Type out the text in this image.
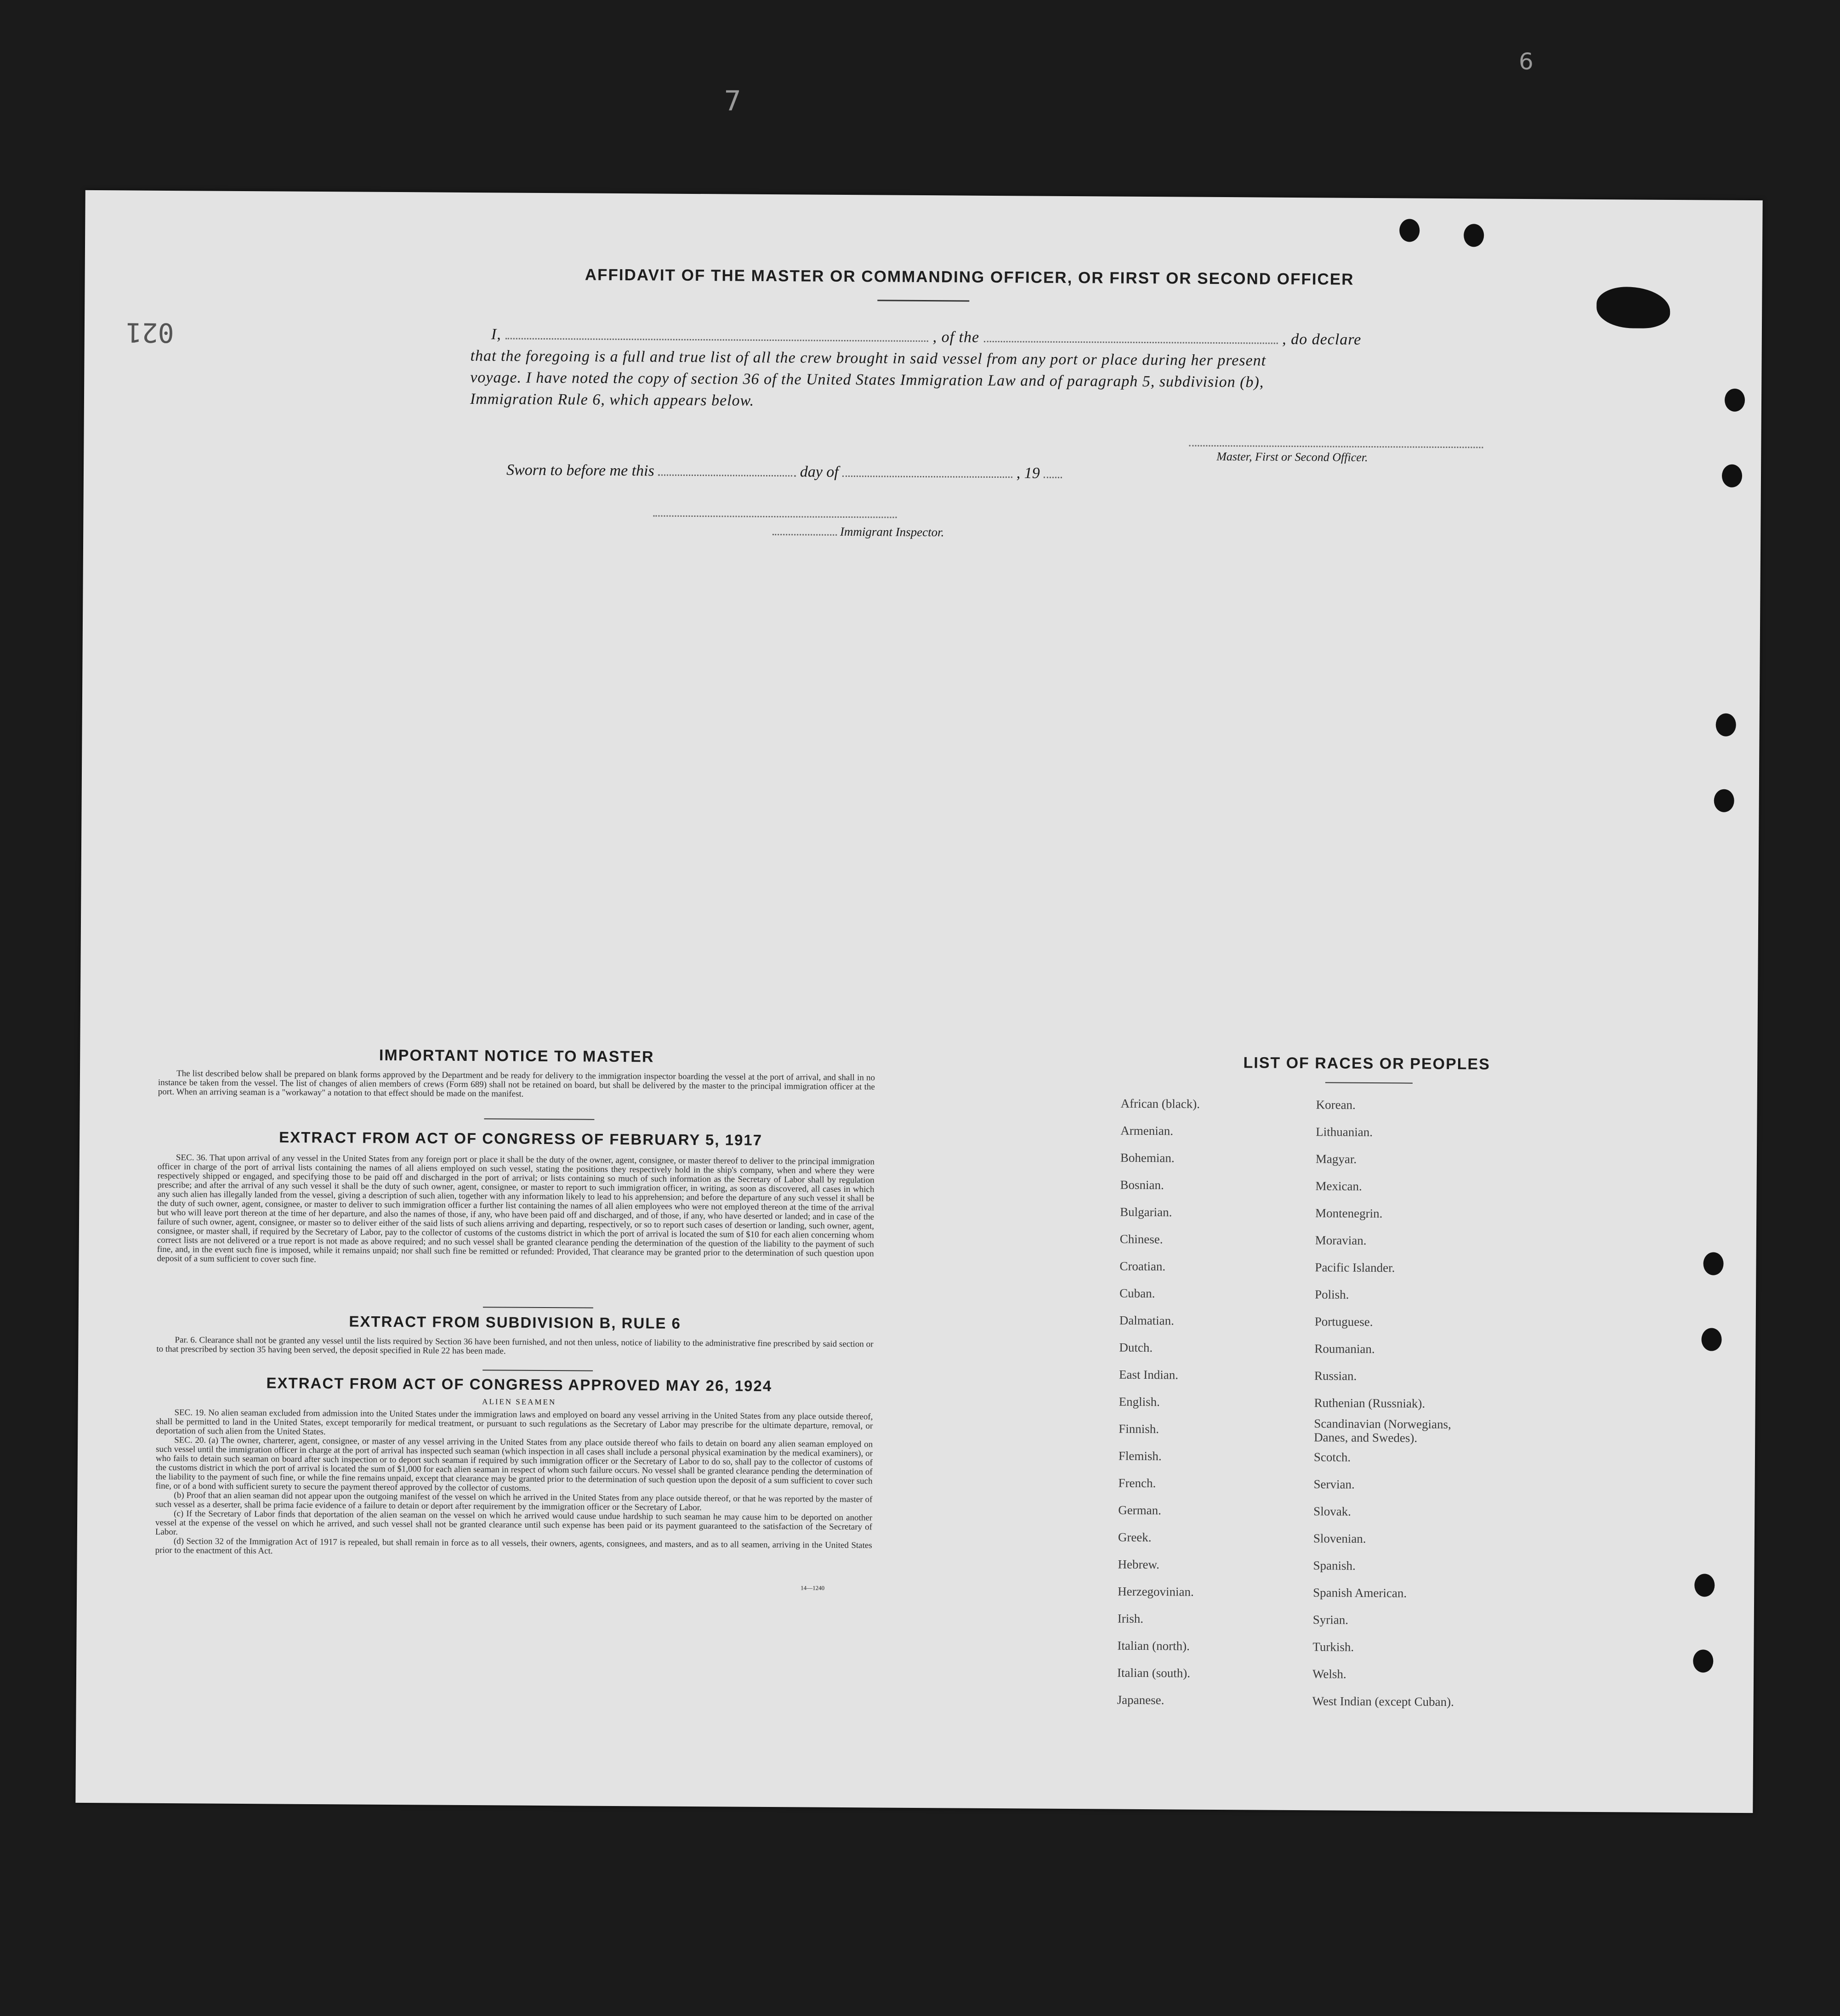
7
6
021
AFFIDAVIT OF THE MASTER OR COMMANDING OFFICER, OR FIRST OR SECOND OFFICER
I,	, of the	, do declare
that the foregoing is a full and true list of all the crew brought in said vessel from any port or place during her present
voyage. I have noted the copy of section 36 of the United States Immigration Law and of paragraph 5, subdivision (b),
Immigration Rule 6, which appears below.
Master, First or Second Officer.
Sworn to before me this	day of	, 19
Immigrant Inspector.
IMPORTANT NOTICE TO MASTER

The list described below shall be prepared on blank forms approved by the Department and be ready for delivery to the immigration inspector boarding the vessel at the port of arrival, and shall in no instance be taken from the vessel. The list of changes of alien members of crews (Form 689) shall not be retained on board, but shall be delivered by the master to the principal immigration officer at the port. When an arriving seaman is a "workaway" a notation to that effect should be made on the manifest.

EXTRACT FROM ACT OF CONGRESS OF FEBRUARY 5, 1917

SEC. 36. That upon arrival of any vessel in the United States from any foreign port or place it shall be the duty of the owner, agent, consignee, or master thereof to deliver to the principal immigration officer in charge of the port of arrival lists containing the names of all aliens employed on such vessel, stating the positions they respectively hold in the ship's company, when and where they were respectively shipped or engaged, and specifying those to be paid off and discharged in the port of arrival; or lists containing so much of such information as the Secretary of Labor shall by regulation prescribe; and after the arrival of any such vessel it shall be the duty of such owner, agent, consignee, or master to report to such immigration officer, in writing, as soon as discovered, all cases in which any such alien has illegally landed from the vessel, giving a description of such alien, together with any information likely to lead to his apprehension; and before the departure of any such vessel it shall be the duty of such owner, agent, consignee, or master to deliver to such immigration officer a further list containing the names of all alien employees who were not employed thereon at the time of the arrival but who will leave port thereon at the time of her departure, and also the names of those, if any, who have been paid off and discharged, and of those, if any, who have deserted or landed; and in case of the failure of such owner, agent, consignee, or master so to deliver either of the said lists of such aliens arriving and departing, respectively, or so to report such cases of desertion or landing, such owner, agent, consignee, or master shall, if required by the Secretary of Labor, pay to the collector of customs of the customs district in which the port of arrival is located the sum of $10 for each alien concerning whom correct lists are not delivered or a true report is not made as above required; and no such vessel shall be granted clearance pending the determination of the question of the liability to the payment of such fine, and, in the event such fine is imposed, while it remains unpaid; nor shall such fine be remitted or refunded: Provided, That clearance may be granted prior to the determination of such question upon deposit of a sum sufficient to cover such fine.

EXTRACT FROM SUBDIVISION B, RULE 6

Par. 6. Clearance shall not be granted any vessel until the lists required by Section 36 have been furnished, and not then unless, notice of liability to the administrative fine prescribed by said section or to that prescribed by section 35 having been served, the deposit specified in Rule 22 has been made.

EXTRACT FROM ACT OF CONGRESS APPROVED MAY 26, 1924
ALIEN SEAMEN

SEC. 19. No alien seaman excluded from admission into the United States under the immigration laws and employed on board any vessel arriving in the United States from any place outside thereof, shall be permitted to land in the United States, except temporarily for medical treatment, or pursuant to such regulations as the Secretary of Labor may prescribe for the ultimate departure, removal, or deportation of such alien from the United States.

SEC. 20. (a) The owner, charterer, agent, consignee, or master of any vessel arriving in the United States from any place outside thereof who fails to detain on board any alien seaman employed on such vessel until the immigration officer in charge at the port of arrival has inspected such seaman (which inspection in all cases shall include a personal physical examination by the medical examiners), or who fails to detain such seaman on board after such inspection or to deport such seaman if required by such immigration officer or the Secretary of Labor to do so, shall pay to the collector of customs of the customs district in which the port of arrival is located the sum of $1,000 for each alien seaman in respect of whom such failure occurs. No vessel shall be granted clearance pending the determination of the liability to the payment of such fine, or while the fine remains unpaid, except that clearance may be granted prior to the determination of such question upon the deposit of a sum sufficient to cover such fine, or of a bond with sufficient surety to secure the payment thereof approved by the collector of customs.

(b) Proof that an alien seaman did not appear upon the outgoing manifest of the vessel on which he arrived in the United States from any place outside thereof, or that he was reported by the master of such vessel as a deserter, shall be prima facie evidence of a failure to detain or deport after requirement by the immigration officer or the Secretary of Labor.

(c) If the Secretary of Labor finds that deportation of the alien seaman on the vessel on which he arrived would cause undue hardship to such seaman he may cause him to be deported on another vessel at the expense of the vessel on which he arrived, and such vessel shall not be granted clearance until such expense has been paid or its payment guaranteed to the satisfaction of the Secretary of Labor.

(d) Section 32 of the Immigration Act of 1917 is repealed, but shall remain in force as to all vessels, their owners, agents, consignees, and masters, and as to all seamen, arriving in the United States prior to the enactment of this Act.

14—1240
LIST OF RACES OR PEOPLES
African (black).
Armenian.
Bohemian.
Bosnian.
Bulgarian.
Chinese.
Croatian.
Cuban.
Dalmatian.
Dutch.
East Indian.
English.
Finnish.
Flemish.
French.
German.
Greek.
Hebrew.
Herzegovinian.
Irish.
Italian (north).
Italian (south).
Japanese.
Korean.
Lithuanian.
Magyar.
Mexican.
Montenegrin.
Moravian.
Pacific Islander.
Polish.
Portuguese.
Roumanian.
Russian.
Ruthenian (Russniak).
Scandinavian (Norwegians, Danes, and Swedes).
Scotch.
Servian.
Slovak.
Slovenian.
Spanish.
Spanish American.
Syrian.
Turkish.
Welsh.
West Indian (except Cuban).
